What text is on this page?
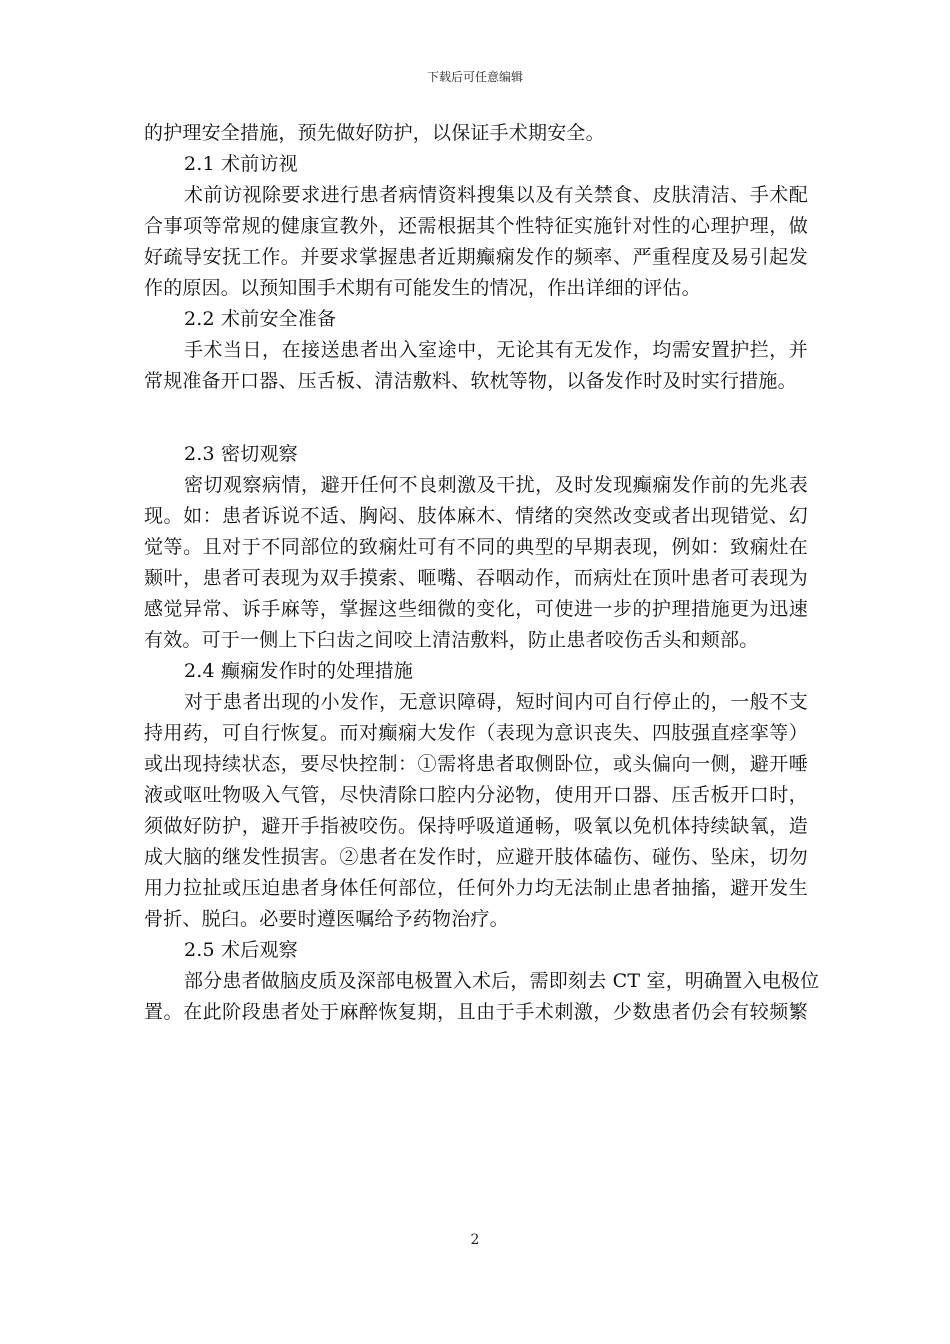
下载后可任意编辑
的护理安全措施，预先做好防护，以保证手术期安全。
2.1 术前访视
术前访视除要求进行患者病情资料搜集以及有关禁食、皮肤清洁、手术配
合事项等常规的健康宣教外，还需根据其个性特征实施针对性的心理护理，做
好疏导安抚工作。并要求掌握患者近期癫痫发作的频率、严重程度及易引起发
作的原因。以预知围手术期有可能发生的情况，作出详细的评估。
2.2 术前安全准备
手术当日，在接送患者出入室途中，无论其有无发作，均需安置护拦，并
常规准备开口器、压舌板、清洁敷料、软枕等物，以备发作时及时实行措施。
2.3 密切观察
密切观察病情，避开任何不良刺激及干扰，及时发现癫痫发作前的先兆表
现。如：患者诉说不适、胸闷、肢体麻木、情绪的突然改变或者出现错觉、幻
觉等。且对于不同部位的致痫灶可有不同的典型的早期表现，例如：致痫灶在
颞叶，患者可表现为双手摸索、咂嘴、吞咽动作，而病灶在顶叶患者可表现为
感觉异常、诉手麻等，掌握这些细微的变化，可使进一步的护理措施更为迅速
有效。可于一侧上下臼齿之间咬上清洁敷料，防止患者咬伤舌头和颊部。
2.4 癫痫发作时的处理措施
对于患者出现的小发作，无意识障碍，短时间内可自行停止的，一般不支
持用药，可自行恢复。而对癫痫大发作（表现为意识丧失、四肢强直痉挛等）
或出现持续状态，要尽快控制：①需将患者取侧卧位，或头偏向一侧，避开唾
液或呕吐物吸入气管，尽快清除口腔内分泌物，使用开口器、压舌板开口时，
须做好防护，避开手指被咬伤。保持呼吸道通畅，吸氧以免机体持续缺氧，造
成大脑的继发性损害。②患者在发作时，应避开肢体磕伤、碰伤、坠床，切勿
用力拉扯或压迫患者身体任何部位，任何外力均无法制止患者抽搐，避开发生
骨折、脱臼。必要时遵医嘱给予药物治疗。
2.5 术后观察
部分患者做脑皮质及深部电极置入术后，需即刻去 CT 室，明确置入电极位
置。在此阶段患者处于麻醉恢复期，且由于手术刺激，少数患者仍会有较频繁
2
